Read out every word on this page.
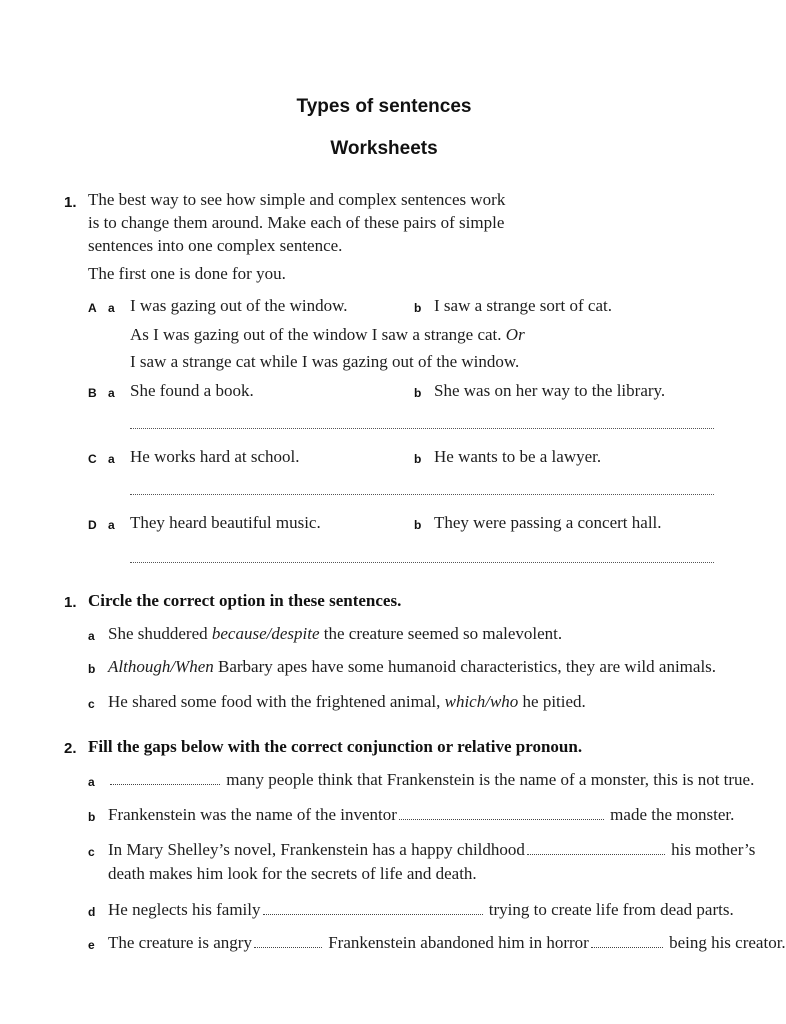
Types of sentences
Worksheets
1. The best way to see how simple and complex sentences work
is to change them around. Make each of these pairs of simple
sentences into one complex sentence.
The first one is done for you.
A a I was gazing out of the window.	b I saw a strange sort of cat.
As I was gazing out of the window I saw a strange cat. Or
I saw a strange cat while I was gazing out of the window.
B a She found a book.	b She was on her way to the library.
C a He works hard at school.	b He wants to be a lawyer.
D a They heard beautiful music.	b They were passing a concert hall.
1. Circle the correct option in these sentences.
a She shuddered because/despite the creature seemed so malevolent.
b Although/When Barbary apes have some humanoid characteristics, they are wild animals.
c He shared some food with the frightened animal, which/who he pitied.
2. Fill the gaps below with the correct conjunction or relative pronoun.
a	many people think that Frankenstein is the name of a monster, this is not true.
b Frankenstein was the name of the inventor	made the monster.
c In Mary Shelley’s novel, Frankenstein has a happy childhood	his mother’s
death makes him look for the secrets of life and death.
d He neglects his family	trying to create life from dead parts.
e The creature is angry	Frankenstein abandoned him in horror	being his creator.
